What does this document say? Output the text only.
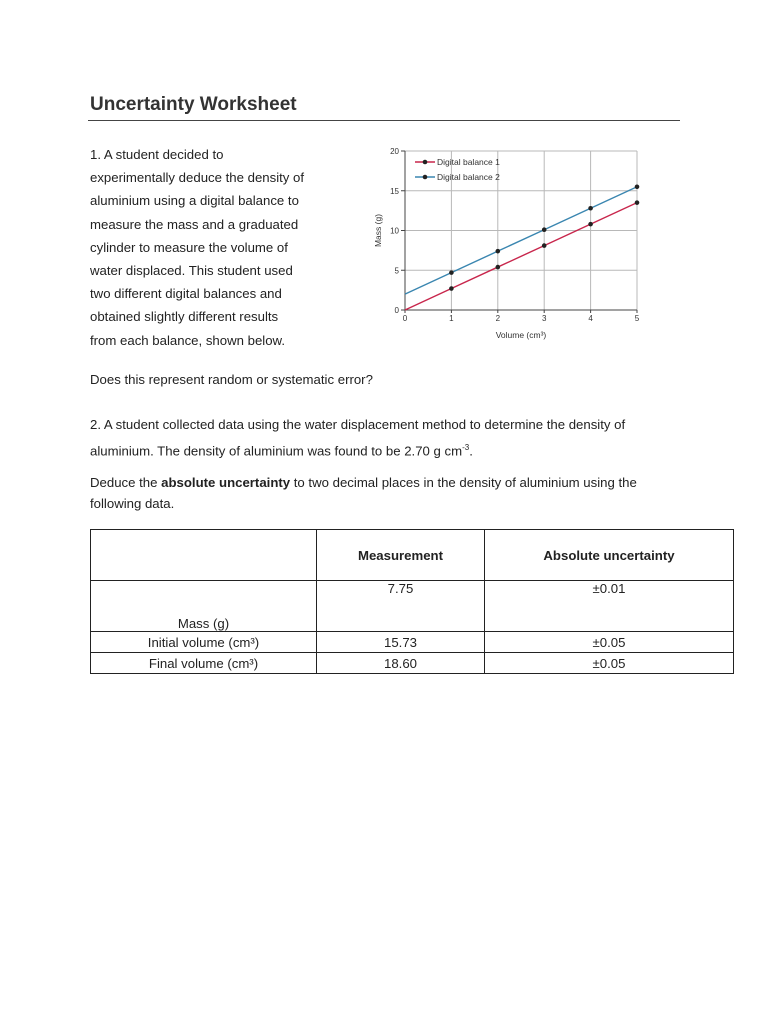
Uncertainty Worksheet
1. A student decided to
experimentally deduce the density of
aluminium using a digital balance to
measure the mass and a graduated
cylinder to measure the volume of
water displaced. This student used
two different digital balances and
obtained slightly different results
from each balance, shown below.
0
5
10
15
20
0	1	2	3	4	5
Volume (cm³)
Mass (g)
Digital balance 1
Digital balance 2
Does this represent random or systematic error?
2. A student collected data using the water displacement method to determine the density of aluminium. The density of aluminium was found to be 2.70 g $cm^{-3}$.
Deduce the absolute uncertainty to two decimal places in the density of aluminium using the following data.
	Measurement	Absolute uncertainty
Mass (g)	7.75	±0.01
Initial volume (cm³)	15.73	±0.05
Final volume (cm³)	18.60	±0.05
